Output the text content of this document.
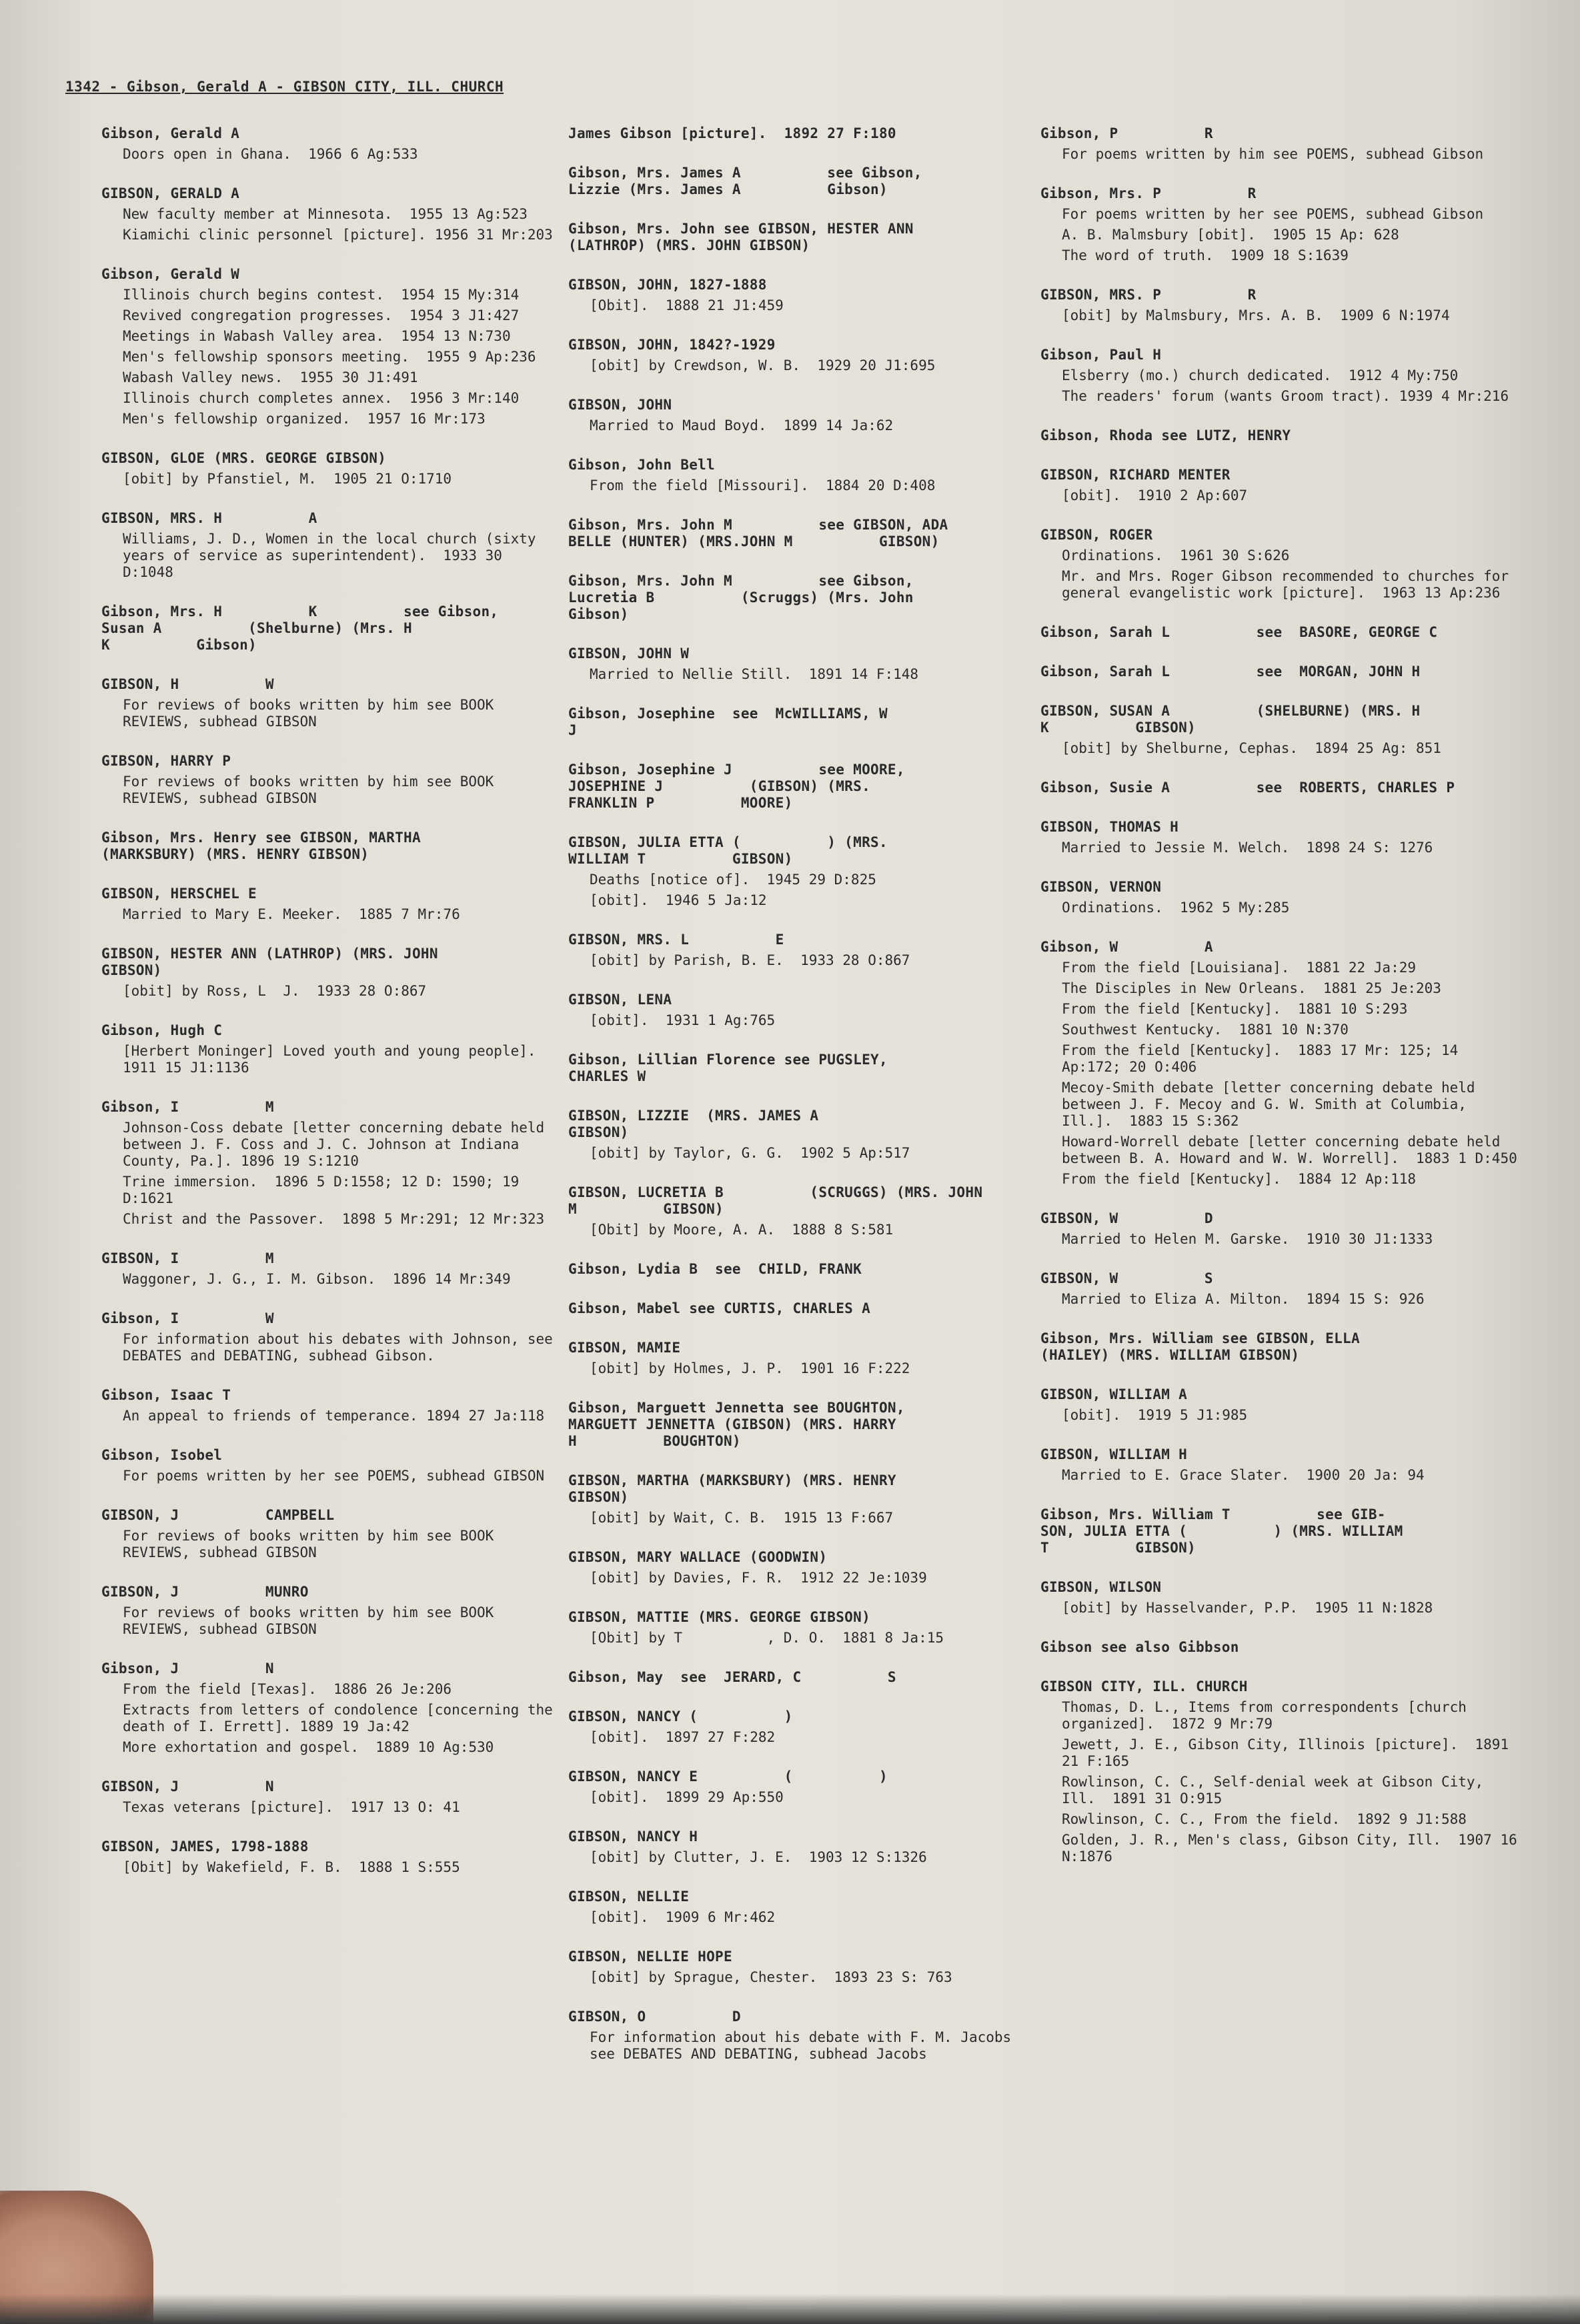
1342 - Gibson, Gerald A - GIBSON CITY, ILL. CHURCH
Gibson, Gerald A
Doors open in Ghana.  1966 6 Ag:533
GIBSON, GERALD A
New faculty member at Minnesota.  1955 13 Ag:523
Kiamichi clinic personnel [picture]. 1956 31 Mr:203
Gibson, Gerald W
Illinois church begins contest.  1954 15 My:314
Revived congregation progresses.  1954 3 J1:427
Meetings in Wabash Valley area.  1954 13 N:730
Men's fellowship sponsors meeting.  1955 9 Ap:236
Wabash Valley news.  1955 30 J1:491
Illinois church completes annex.  1956 3 Mr:140
Men's fellowship organized.  1957 16 Mr:173
GIBSON, GLOE (MRS. GEORGE GIBSON)
[obit] by Pfanstiel, M.  1905 21 O:1710
GIBSON, MRS. H          A
Williams, J. D., Women in the local church (sixty years of service as superintendent).  1933 30 D:1048
Gibson, Mrs. H          K          see Gibson,
Susan A          (Shelburne) (Mrs. H
K          Gibson)
GIBSON, H          W
For reviews of books written by him see BOOK REVIEWS, subhead GIBSON
GIBSON, HARRY P
For reviews of books written by him see BOOK REVIEWS, subhead GIBSON
Gibson, Mrs. Henry see GIBSON, MARTHA
(MARKSBURY) (MRS. HENRY GIBSON)
GIBSON, HERSCHEL E
Married to Mary E. Meeker.  1885 7 Mr:76
GIBSON, HESTER ANN (LATHROP) (MRS. JOHN
GIBSON)
[obit] by Ross, L  J.  1933 28 O:867
Gibson, Hugh C
[Herbert Moninger] Loved youth and young people].  1911 15 J1:1136
Gibson, I          M
Johnson-Coss debate [letter concerning debate held between J. F. Coss and J. C. Johnson at Indiana County, Pa.]. 1896 19 S:1210
Trine immersion.  1896 5 D:1558; 12 D: 1590; 19 D:1621
Christ and the Passover.  1898 5 Mr:291; 12 Mr:323
GIBSON, I          M
Waggoner, J. G., I. M. Gibson.  1896 14 Mr:349
Gibson, I          W
For information about his debates with Johnson, see DEBATES and DEBATING, subhead Gibson.
Gibson, Isaac T
An appeal to friends of temperance. 1894 27 Ja:118
Gibson, Isobel
For poems written by her see POEMS, subhead GIBSON
GIBSON, J          CAMPBELL
For reviews of books written by him see BOOK REVIEWS, subhead GIBSON
GIBSON, J          MUNRO
For reviews of books written by him see BOOK REVIEWS, subhead GIBSON
Gibson, J          N
From the field [Texas].  1886 26 Je:206
Extracts from letters of condolence [concerning the death of I. Errett]. 1889 19 Ja:42
More exhortation and gospel.  1889 10 Ag:530
GIBSON, J          N
Texas veterans [picture].  1917 13 O: 41
GIBSON, JAMES, 1798-1888
[Obit] by Wakefield, F. B.  1888 1 S:555
James Gibson [picture].  1892 27 F:180
Gibson, Mrs. James A          see Gibson,
Lizzie (Mrs. James A          Gibson)
Gibson, Mrs. John see GIBSON, HESTER ANN
(LATHROP) (MRS. JOHN GIBSON)
GIBSON, JOHN, 1827-1888
[Obit].  1888 21 J1:459
GIBSON, JOHN, 1842?-1929
[obit] by Crewdson, W. B.  1929 20 J1:695
GIBSON, JOHN
Married to Maud Boyd.  1899 14 Ja:62
Gibson, John Bell
From the field [Missouri].  1884 20 D:408
Gibson, Mrs. John M          see GIBSON, ADA
BELLE (HUNTER) (MRS.JOHN M          GIBSON)
Gibson, Mrs. John M          see Gibson,
Lucretia B          (Scruggs) (Mrs. John
Gibson)
GIBSON, JOHN W
Married to Nellie Still.  1891 14 F:148
Gibson, Josephine  see  McWILLIAMS, W
J
Gibson, Josephine J          see MOORE,
JOSEPHINE J          (GIBSON) (MRS.
FRANKLIN P          MOORE)
GIBSON, JULIA ETTA (          ) (MRS.
WILLIAM T          GIBSON)
Deaths [notice of].  1945 29 D:825
[obit].  1946 5 Ja:12
GIBSON, MRS. L          E
[obit] by Parish, B. E.  1933 28 O:867
GIBSON, LENA
[obit].  1931 1 Ag:765
Gibson, Lillian Florence see PUGSLEY,
CHARLES W
GIBSON, LIZZIE  (MRS. JAMES A
GIBSON)
[obit] by Taylor, G. G.  1902 5 Ap:517
GIBSON, LUCRETIA B          (SCRUGGS) (MRS. JOHN
M          GIBSON)
[Obit] by Moore, A. A.  1888 8 S:581
Gibson, Lydia B  see  CHILD, FRANK
Gibson, Mabel see CURTIS, CHARLES A
GIBSON, MAMIE
[obit] by Holmes, J. P.  1901 16 F:222
Gibson, Marguett Jennetta see BOUGHTON,
MARGUETT JENNETTA (GIBSON) (MRS. HARRY
H          BOUGHTON)
GIBSON, MARTHA (MARKSBURY) (MRS. HENRY
GIBSON)
[obit] by Wait, C. B.  1915 13 F:667
GIBSON, MARY WALLACE (GOODWIN)
[obit] by Davies, F. R.  1912 22 Je:1039
GIBSON, MATTIE (MRS. GEORGE GIBSON)
[Obit] by T          , D. O.  1881 8 Ja:15
Gibson, May  see  JERARD, C          S
GIBSON, NANCY (          )
[obit].  1897 27 F:282
GIBSON, NANCY E          (          )
[obit].  1899 29 Ap:550
GIBSON, NANCY H
[obit] by Clutter, J. E.  1903 12 S:1326
GIBSON, NELLIE
[obit].  1909 6 Mr:462
GIBSON, NELLIE HOPE
[obit] by Sprague, Chester.  1893 23 S: 763
GIBSON, O          D
For information about his debate with F. M. Jacobs see DEBATES AND DEBATING, subhead Jacobs
Gibson, P          R
For poems written by him see POEMS, subhead Gibson
Gibson, Mrs. P          R
For poems written by her see POEMS, subhead Gibson
A. B. Malmsbury [obit].  1905 15 Ap: 628
The word of truth.  1909 18 S:1639
GIBSON, MRS. P          R
[obit] by Malmsbury, Mrs. A. B.  1909 6 N:1974
Gibson, Paul H
Elsberry (mo.) church dedicated.  1912 4 My:750
The readers' forum (wants Groom tract). 1939 4 Mr:216
Gibson, Rhoda see LUTZ, HENRY
GIBSON, RICHARD MENTER
[obit].  1910 2 Ap:607
GIBSON, ROGER
Ordinations.  1961 30 S:626
Mr. and Mrs. Roger Gibson recommended to churches for general evangelistic work [picture].  1963 13 Ap:236
Gibson, Sarah L          see  BASORE, GEORGE C
Gibson, Sarah L          see  MORGAN, JOHN H
GIBSON, SUSAN A          (SHELBURNE) (MRS. H
K          GIBSON)
[obit] by Shelburne, Cephas.  1894 25 Ag: 851
Gibson, Susie A          see  ROBERTS, CHARLES P
GIBSON, THOMAS H
Married to Jessie M. Welch.  1898 24 S: 1276
GIBSON, VERNON
Ordinations.  1962 5 My:285
Gibson, W          A
From the field [Louisiana].  1881 22 Ja:29
The Disciples in New Orleans.  1881 25 Je:203
From the field [Kentucky].  1881 10 S:293
Southwest Kentucky.  1881 10 N:370
From the field [Kentucky].  1883 17 Mr: 125; 14 Ap:172; 20 O:406
Mecoy-Smith debate [letter concerning debate held between J. F. Mecoy and G. W. Smith at Columbia, Ill.].  1883 15 S:362
Howard-Worrell debate [letter concerning debate held between B. A. Howard and W. W. Worrell].  1883 1 D:450
From the field [Kentucky].  1884 12 Ap:118
GIBSON, W          D
Married to Helen M. Garske.  1910 30 J1:1333
GIBSON, W          S
Married to Eliza A. Milton.  1894 15 S: 926
Gibson, Mrs. William see GIBSON, ELLA
(HAILEY) (MRS. WILLIAM GIBSON)
GIBSON, WILLIAM A
[obit].  1919 5 J1:985
GIBSON, WILLIAM H
Married to E. Grace Slater.  1900 20 Ja: 94
Gibson, Mrs. William T          see GIB-
SON, JULIA ETTA (          ) (MRS. WILLIAM
T          GIBSON)
GIBSON, WILSON
[obit] by Hasselvander, P.P.  1905 11 N:1828
Gibson see also Gibbson
GIBSON CITY, ILL. CHURCH
Thomas, D. L., Items from correspondents [church organized].  1872 9 Mr:79
Jewett, J. E., Gibson City, Illinois [picture].  1891 21 F:165
Rowlinson, C. C., Self-denial week at Gibson City, Ill.  1891 31 O:915
Rowlinson, C. C., From the field.  1892 9 J1:588
Golden, J. R., Men's class, Gibson City, Ill.  1907 16 N:1876
